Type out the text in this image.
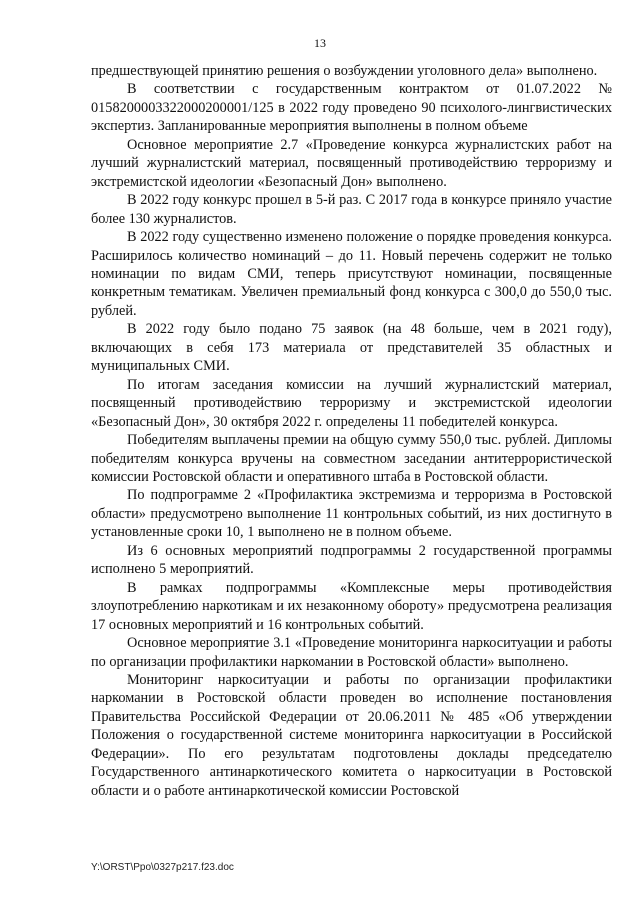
13

предшествующей принятию решения о возбуждении уголовного дела» выполнено.

В соответствии с государственным контрактом от 01.07.2022 № 0158200003322000200001/125 в 2022 году проведено 90 психолого-лингвистических экспертиз. Запланированные мероприятия выполнены в полном объеме

Основное мероприятие 2.7 «Проведение конкурса журналистских работ на лучший журналистский материал, посвященный противодействию терроризму и экстремистской идеологии «Безопасный Дон» выполнено.

В 2022 году конкурс прошел в 5-й раз. С 2017 года в конкурсе приняло участие более 130 журналистов.

В 2022 году существенно изменено положение о порядке проведения конкурса. Расширилось количество номинаций – до 11. Новый перечень содержит не только номинации по видам СМИ, теперь присутствуют номинации, посвященные конкретным тематикам. Увеличен премиальный фонд конкурса с 300,0 до 550,0 тыс. рублей.

В 2022 году было подано 75 заявок (на 48 больше, чем в 2021 году), включающих в себя 173 материала от представителей 35 областных и муниципальных СМИ.

По итогам заседания комиссии на лучший журналистский материал, посвященный противодействию терроризму и экстремистской идеологии «Безопасный Дон», 30 октября 2022 г. определены 11 победителей конкурса.

Победителям выплачены премии на общую сумму 550,0 тыс. рублей. Дипломы победителям конкурса вручены на совместном заседании антитеррористической комиссии Ростовской области и оперативного штаба в Ростовской области.

По подпрограмме 2 «Профилактика экстремизма и терроризма в Ростовской области» предусмотрено выполнение 11 контрольных событий, из них достигнуто в установленные сроки 10, 1 выполнено не в полном объеме.

Из 6 основных мероприятий подпрограммы 2 государственной программы исполнено 5 мероприятий.

В рамках подпрограммы «Комплексные меры противодействия злоупотреблению наркотикам и их незаконному обороту» предусмотрена реализация 17 основных мероприятий и 16 контрольных событий.

Основное мероприятие 3.1 «Проведение мониторинга наркоситуации и работы по организации профилактики наркомании в Ростовской области» выполнено.

Мониторинг наркоситуации и работы по организации профилактики наркомании в Ростовской области проведен во исполнение постановления Правительства Российской Федерации от 20.06.2011 № 485 «Об утверждении Положения о государственной системе мониторинга наркоситуации в Российской Федерации». По его результатам подготовлены доклады председателю Государственного антинаркотического комитета о наркоситуации в Ростовской области и о работе антинаркотической комиссии Ростовской

Y:\ORST\Ppo\0327p217.f23.doc
